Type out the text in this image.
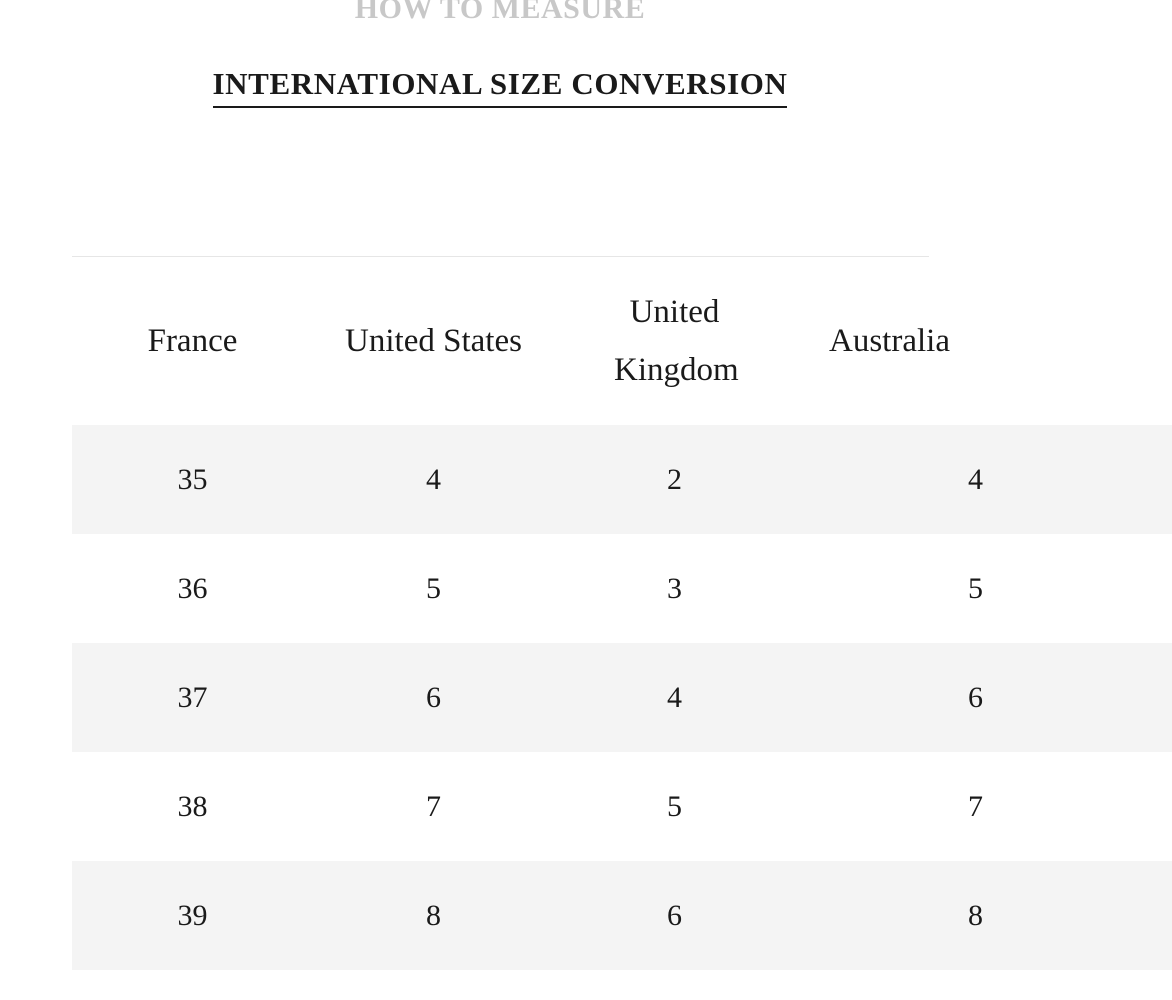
HOW TO MEASURE
INTERNATIONAL SIZE CONVERSION
France	United States	United Kingdom	Australia
35	4	2	4
36	5	3	5
37	6	4	6
38	7	5	7
39	8	6	8
